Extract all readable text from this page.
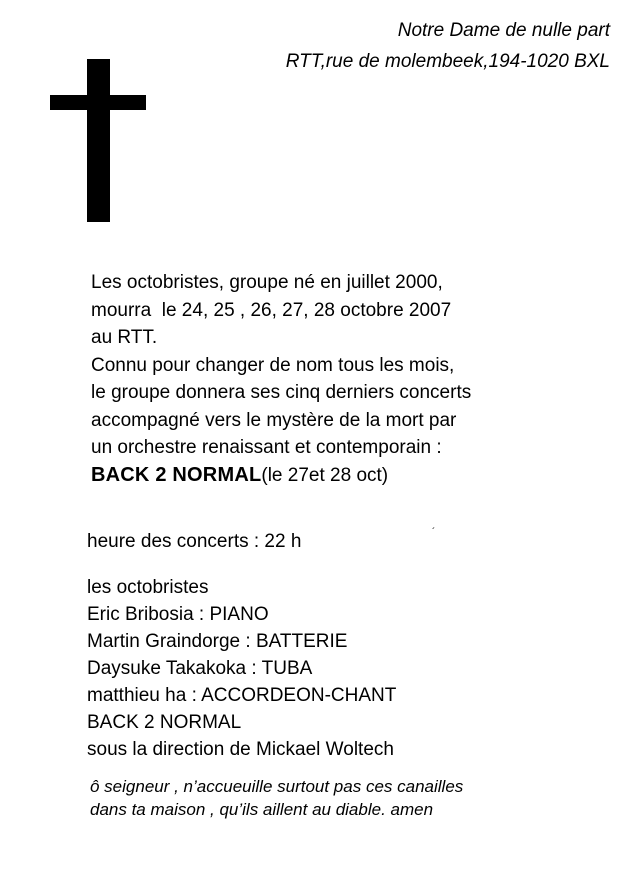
Notre Dame de nulle part
RTT,rue de molembeek,194-1020 BXL
Les octobristes, groupe né en juillet 2000,
mourra  le 24, 25 , 26, 27, 28 octobre 2007
au RTT.
Connu pour changer de nom tous les mois,
le groupe donnera ses cinq derniers concerts
accompagné vers le mystère de la mort par
un orchestre renaissant et contemporain :
BACK 2 NORMAL(le 27et 28 oct)
´
heure des concerts : 22 h
les octobristes
Eric Bribosia : PIANO
Martin Graindorge : BATTERIE
Daysuke Takakoka : TUBA
matthieu ha : ACCORDEON-CHANT
BACK 2 NORMAL
sous la direction de Mickael Woltech
ô seigneur , n’accueuille surtout pas ces canailles
dans ta maison , qu’ils aillent au diable. amen
